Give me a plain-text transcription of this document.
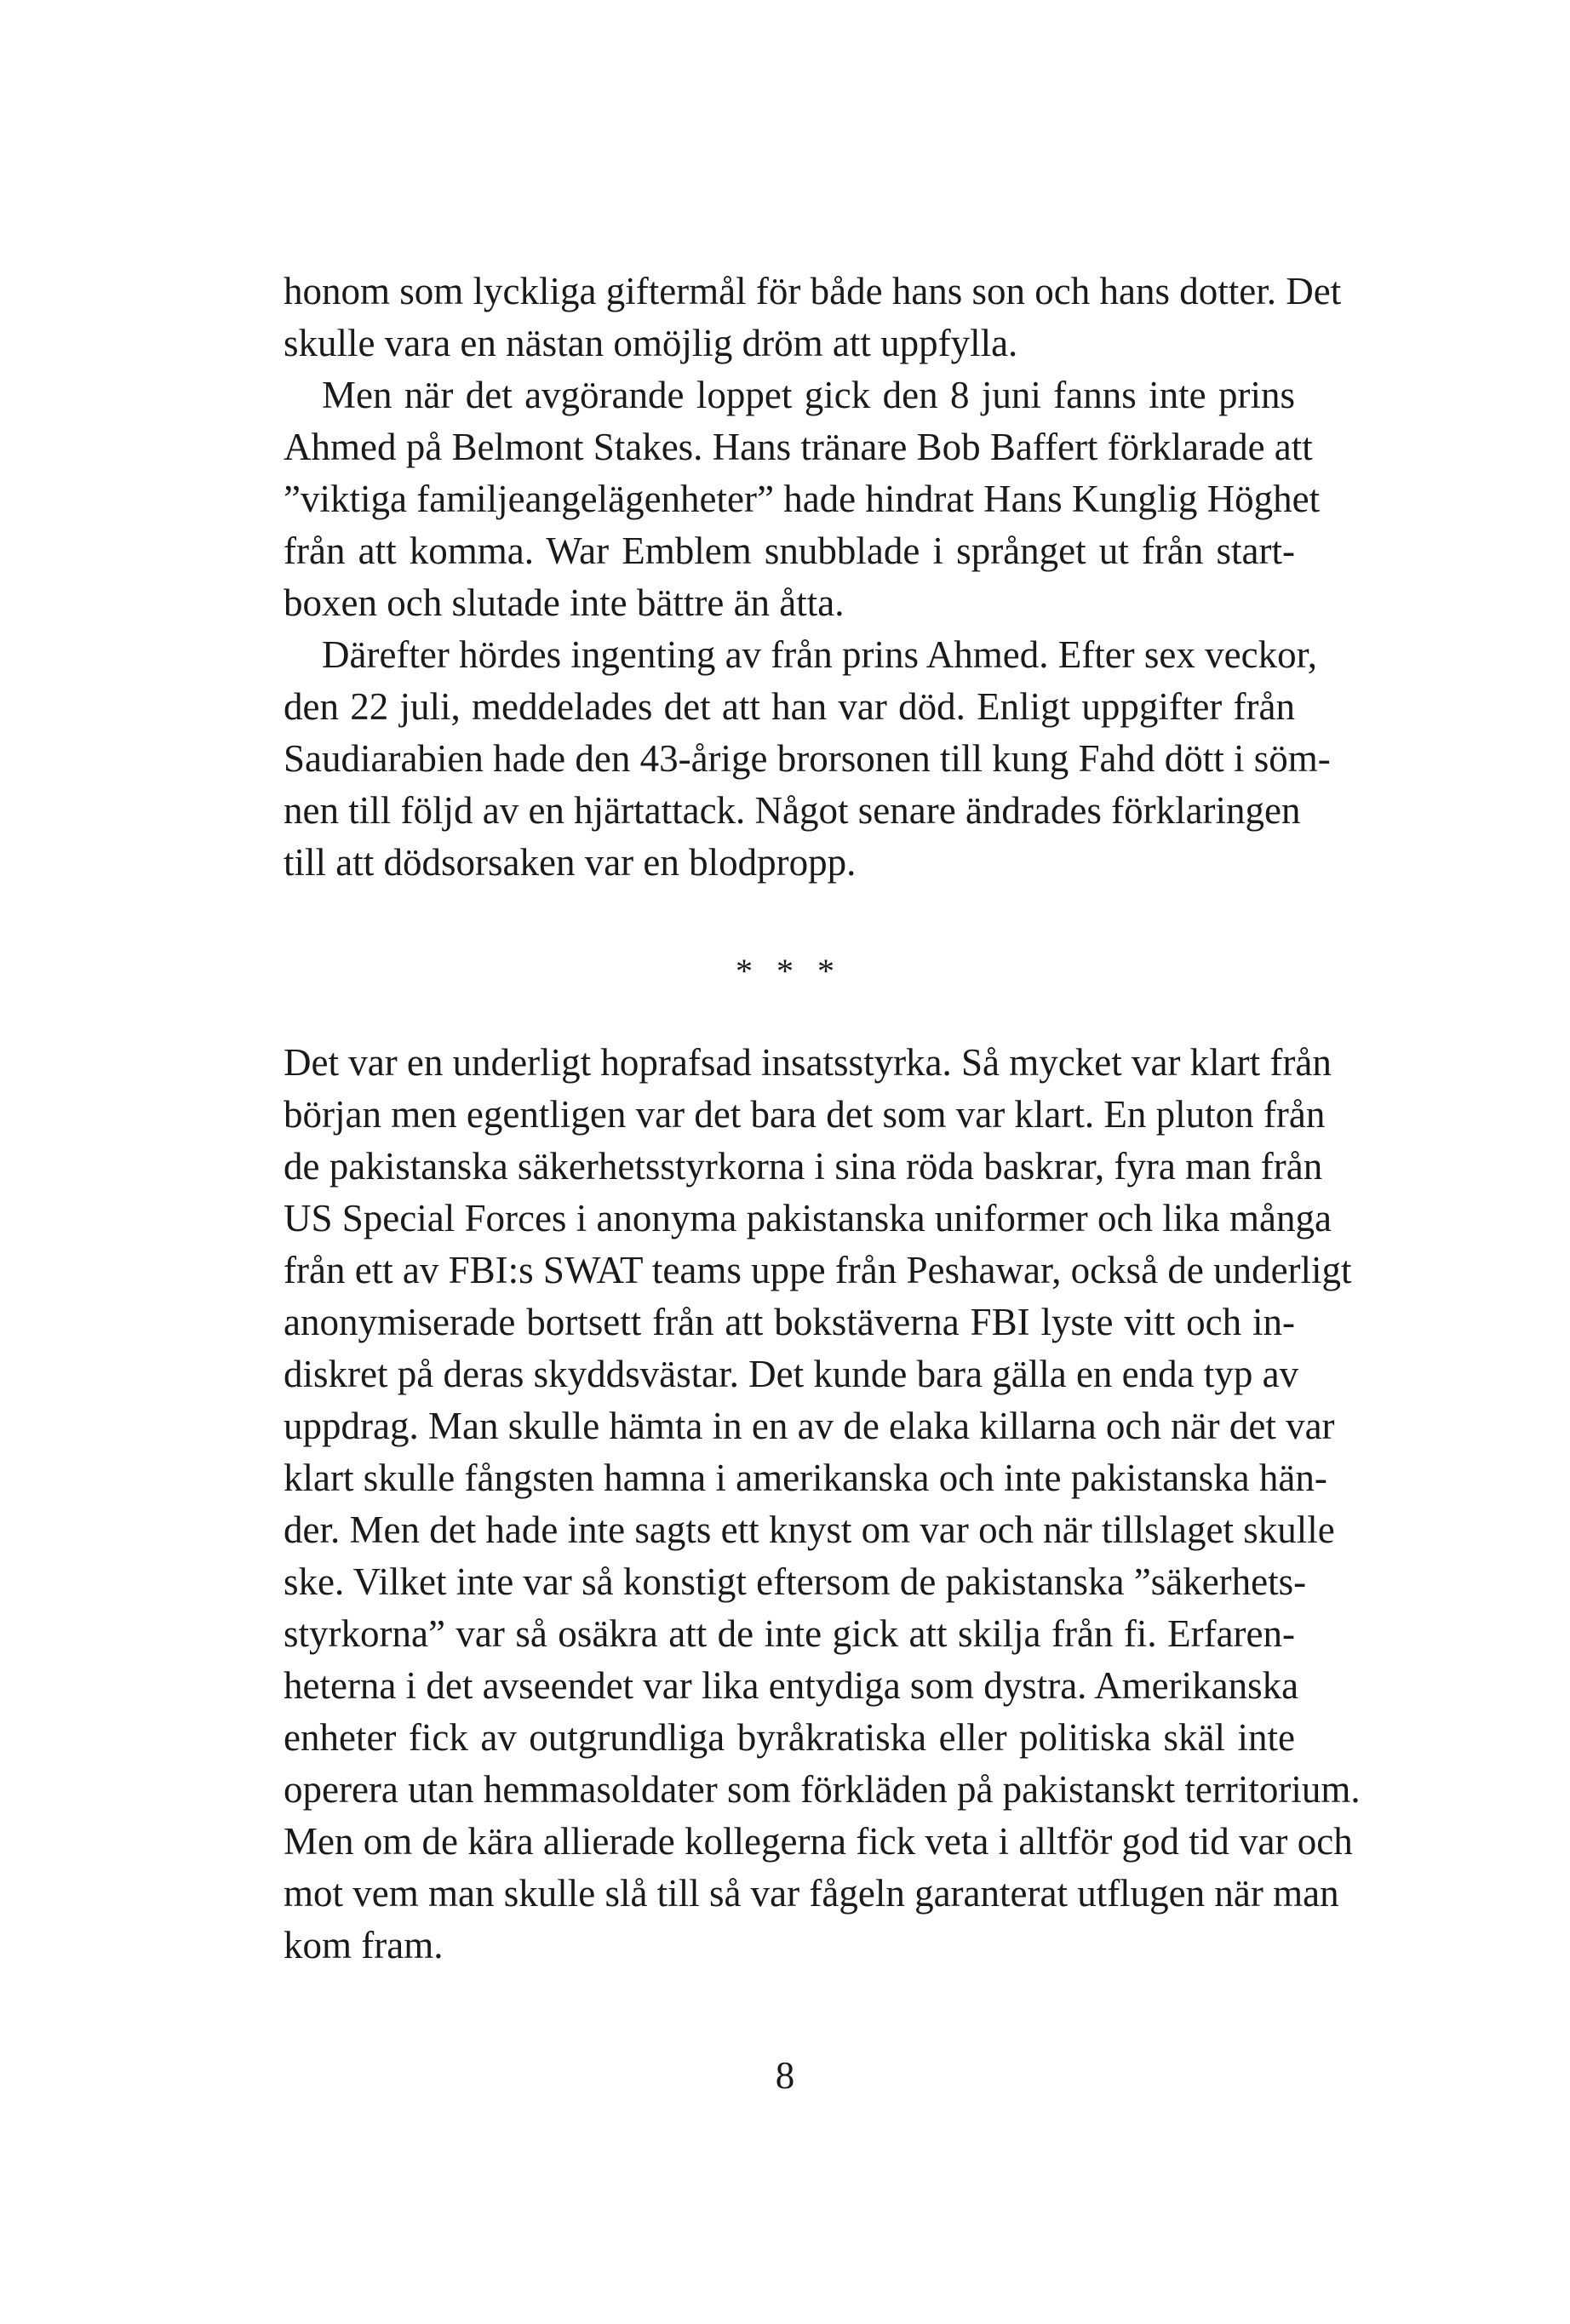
honom som lyckliga giftermål för både hans son och hans dotter. Det
skulle vara en nästan omöjlig dröm att uppfylla.
Men när det avgörande loppet gick den 8 juni fanns inte prins
Ahmed på Belmont Stakes. Hans tränare Bob Baffert förklarade att
”viktiga familjeangelägenheter” hade hindrat Hans Kunglig Höghet
från att komma. War Emblem snubblade i språnget ut från start-
boxen och slutade inte bättre än åtta.
Därefter hördes ingenting av från prins Ahmed. Efter sex veckor,
den 22 juli, meddelades det att han var död. Enligt uppgifter från
Saudiarabien hade den 43-årige brorsonen till kung Fahd dött i söm-
nen till följd av en hjärtattack. Något senare ändrades förklaringen
till att dödsorsaken var en blodpropp.
* * *
Det var en underligt hoprafsad insatsstyrka. Så mycket var klart från
början men egentligen var det bara det som var klart. En pluton från
de pakistanska säkerhetsstyrkorna i sina röda baskrar, fyra man från
US Special Forces i anonyma pakistanska uniformer och lika många
från ett av FBI:s SWAT teams uppe från Peshawar, också de underligt
anonymiserade bortsett från att bokstäverna FBI lyste vitt och in-
diskret på deras skyddsvästar. Det kunde bara gälla en enda typ av
uppdrag. Man skulle hämta in en av de elaka killarna och när det var
klart skulle fångsten hamna i amerikanska och inte pakistanska hän-
der. Men det hade inte sagts ett knyst om var och när tillslaget skulle
ske. Vilket inte var så konstigt eftersom de pakistanska ”säkerhets-
styrkorna” var så osäkra att de inte gick att skilja från fi. Erfaren-
heterna i det avseendet var lika entydiga som dystra. Amerikanska
enheter fick av outgrundliga byråkratiska eller politiska skäl inte
operera utan hemmasoldater som förkläden på pakistanskt territorium.
Men om de kära allierade kollegerna fick veta i alltför god tid var och
mot vem man skulle slå till så var fågeln garanterat utflugen när man
kom fram.
8
